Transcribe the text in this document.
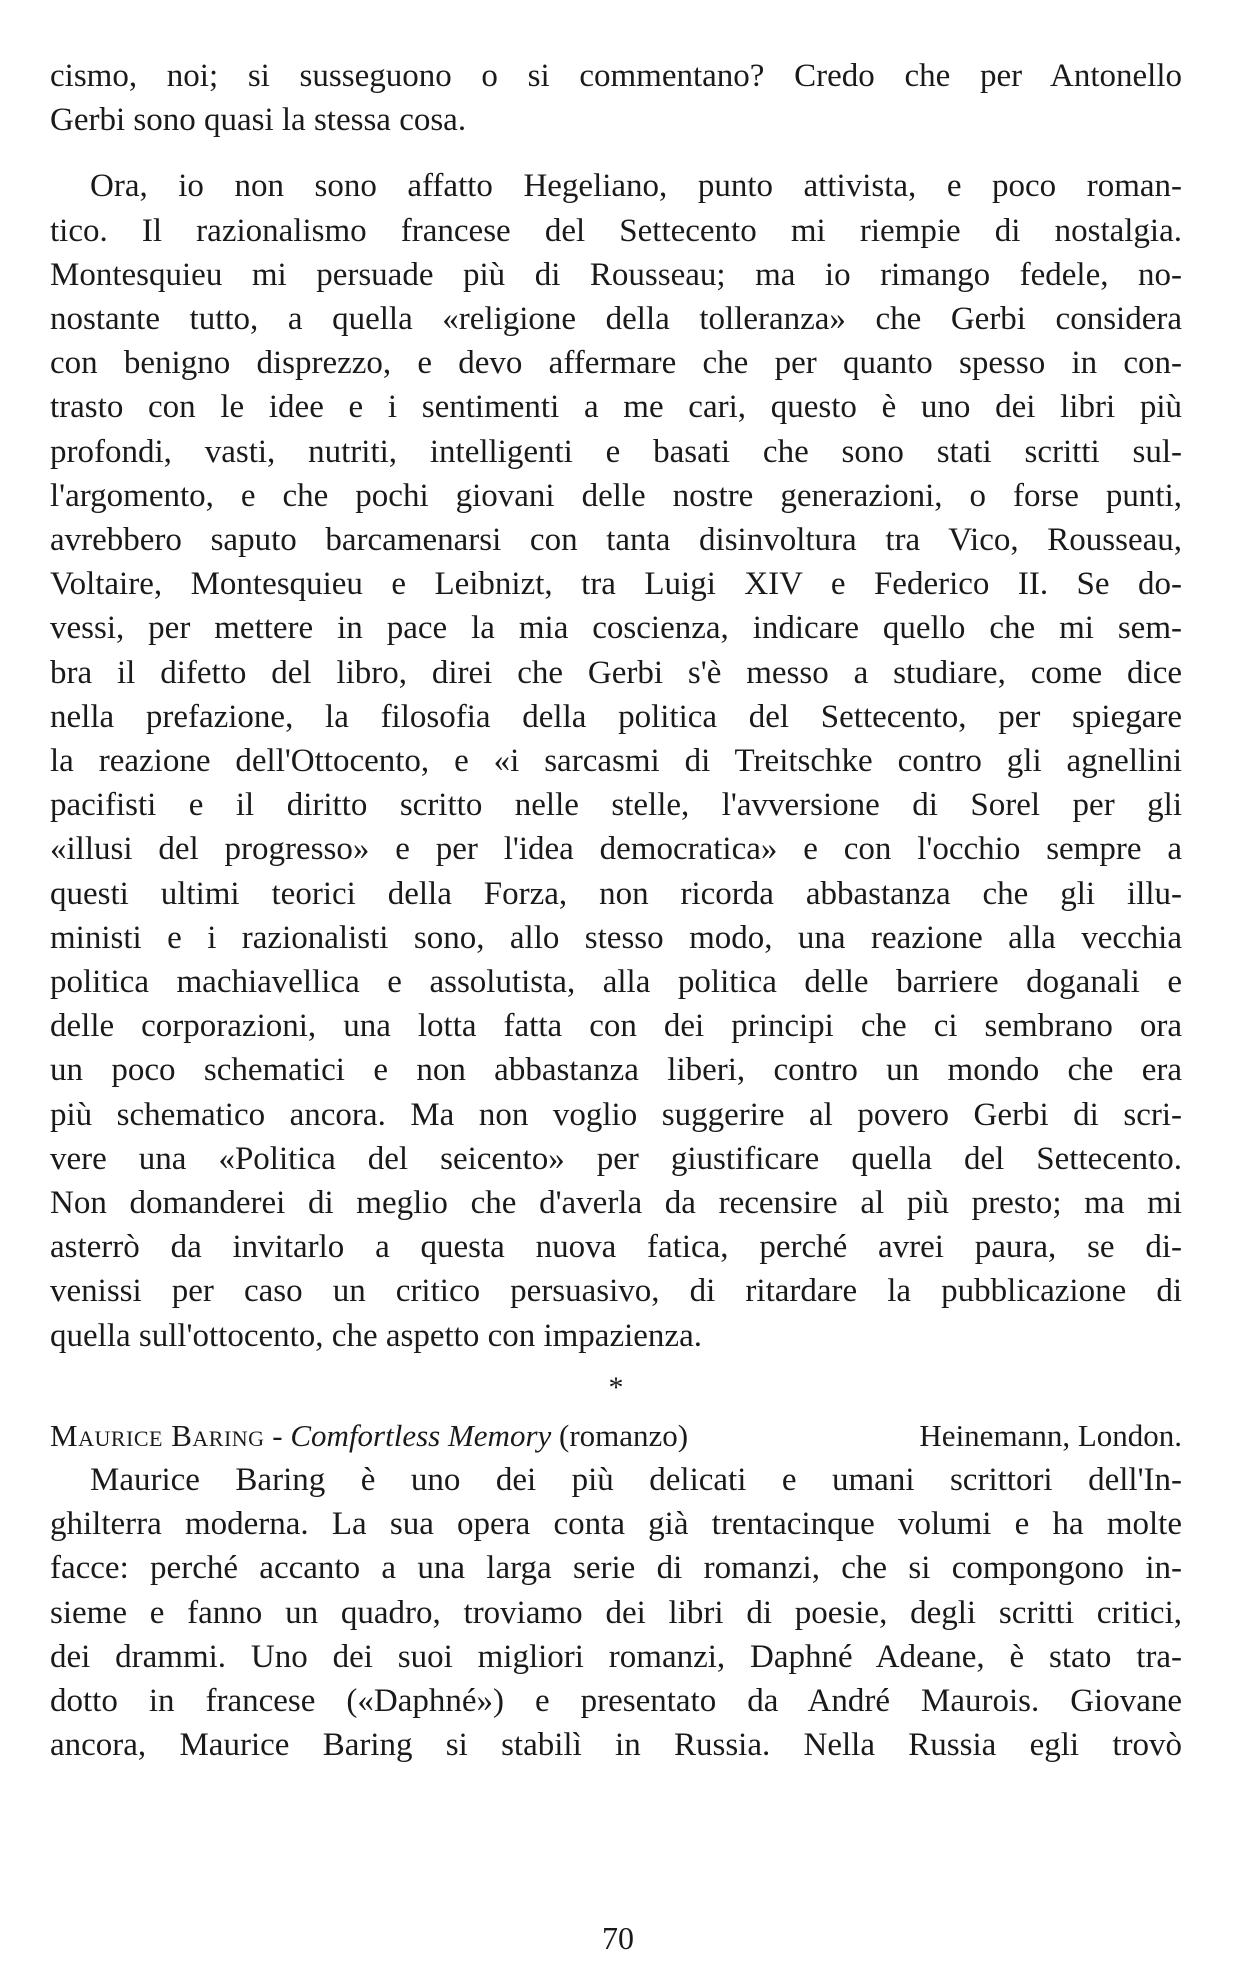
cismo, noi; si susseguono o si commentano? Credo che per Antonello
Gerbi sono quasi la stessa cosa.
Ora, io non sono affatto Hegeliano, punto attivista, e poco roman-
tico. Il razionalismo francese del Settecento mi riempie di nostalgia.
Montesquieu mi persuade più di Rousseau; ma io rimango fedele, no-
nostante tutto, a quella «religione della tolleranza» che Gerbi considera
con benigno disprezzo, e devo affermare che per quanto spesso in con-
trasto con le idee e i sentimenti a me cari, questo è uno dei libri più
profondi, vasti, nutriti, intelligenti e basati che sono stati scritti sul-
l'argomento, e che pochi giovani delle nostre generazioni, o forse punti,
avrebbero saputo barcamenarsi con tanta disinvoltura tra Vico, Rousseau,
Voltaire, Montesquieu e Leibnizt, tra Luigi XIV e Federico II. Se do-
vessi, per mettere in pace la mia coscienza, indicare quello che mi sem-
bra il difetto del libro, direi che Gerbi s'è messo a studiare, come dice
nella prefazione, la filosofia della politica del Settecento, per spiegare
la reazione dell'Ottocento, e «i sarcasmi di Treitschke contro gli agnellini
pacifisti e il diritto scritto nelle stelle, l'avversione di Sorel per gli
«illusi del progresso» e per l'idea democratica» e con l'occhio sempre a
questi ultimi teorici della Forza, non ricorda abbastanza che gli illu-
ministi e i razionalisti sono, allo stesso modo, una reazione alla vecchia
politica machiavellica e assolutista, alla politica delle barriere doganali e
delle corporazioni, una lotta fatta con dei principi che ci sembrano ora
un poco schematici e non abbastanza liberi, contro un mondo che era
più schematico ancora. Ma non voglio suggerire al povero Gerbi di scri-
vere una «Politica del seicento» per giustificare quella del Settecento.
Non domanderei di meglio che d'averla da recensire al più presto; ma mi
asterrò da invitarlo a questa nuova fatica, perché avrei paura, se di-
venissi per caso un critico persuasivo, di ritardare la pubblicazione di
quella sull'ottocento, che aspetto con impazienza.
*
Maurice Baring - Comfortless Memory (romanzo)	Heinemann, London.
Maurice Baring è uno dei più delicati e umani scrittori dell'In-
ghilterra moderna. La sua opera conta già trentacinque volumi e ha molte
facce: perché accanto a una larga serie di romanzi, che si compongono in-
sieme e fanno un quadro, troviamo dei libri di poesie, degli scritti critici,
dei drammi. Uno dei suoi migliori romanzi, Daphné Adeane, è stato tra-
dotto in francese («Daphné») e presentato da André Maurois. Giovane
ancora, Maurice Baring si stabilì in Russia. Nella Russia egli trovò
70
